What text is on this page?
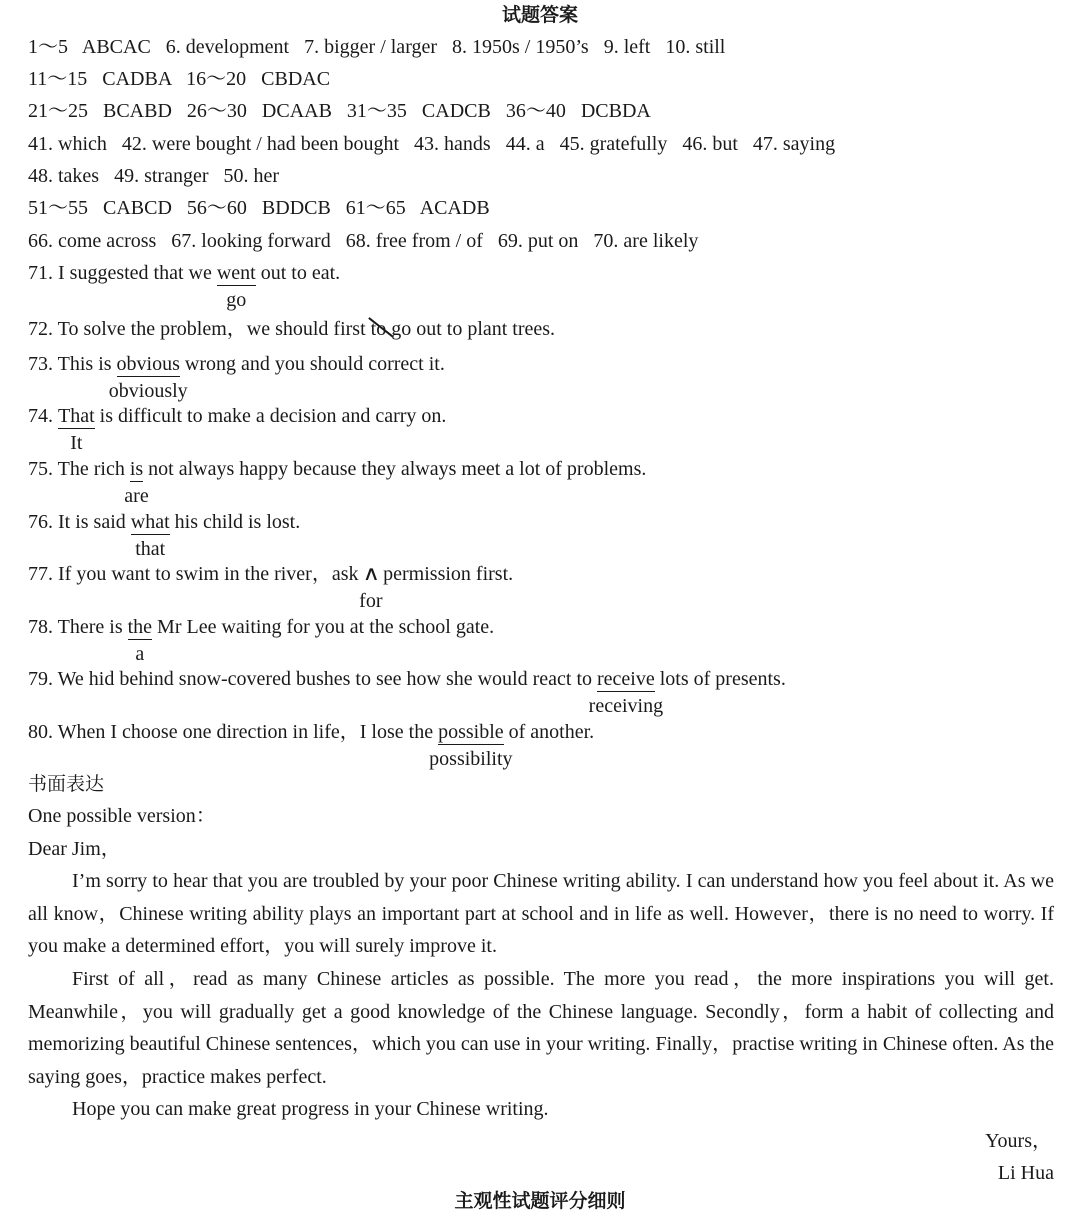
试题答案
1～5   ABCAC   6. development   7. bigger / larger   8. 1950s / 1950’s   9. left   10. still
11～15   CADBA   16～20   CBDAC
21～25   BCABD   26～30   DCAAB   31～35   CADCB   36～40   DCBDA
41. which   42. were bought / had been bought   43. hands   44. a   45. gratefully   46. but   47. saying
48. takes   49. stranger   50. her
51～55   CABCD   56～60   BDDCB   61～65   ACADB
66. come across   67. looking forward   68. free from / of   69. put on   70. are likely
71. I suggested that we went
go
out to eat.
72. To solve the problem，we should first to
go out to plant trees.
73. This is obvious
obviously
wrong and you should correct it.
74. That
It
is difficult to make a decision and carry on.
75. The rich is
are
not always happy because they always meet a lot of problems.
76. It is said what
that
his child is lost.
77. If you want to swim in the river，ask ∧
for
permission first.
78. There is the
a
Mr Lee waiting for you at the school gate.
79. We hid behind snow-covered bushes to see how she would react to receive
receiving
lots of presents.
80. When I choose one direction in life，I lose the possible
possibility
of another.
书面表达
One possible version：
Dear Jim，
I’m sorry to hear that you are troubled by your poor Chinese writing ability. I can understand how you feel about it. As we all know，Chinese writing ability plays an important part at school and in life as well. However，there is no need to worry. If you make a determined effort，you will surely improve it.
First of all，read as many Chinese articles as possible. The more you read，the more inspirations you will get. Meanwhile，you will gradually get a good knowledge of the Chinese language. Secondly，form a habit of collecting and memorizing beautiful Chinese sentences，which you can use in your writing. Finally，practise writing in Chinese often. As the saying goes，practice makes perfect.
Hope you can make great progress in your Chinese writing.
Yours，
Li Hua
主观性试题评分细则
